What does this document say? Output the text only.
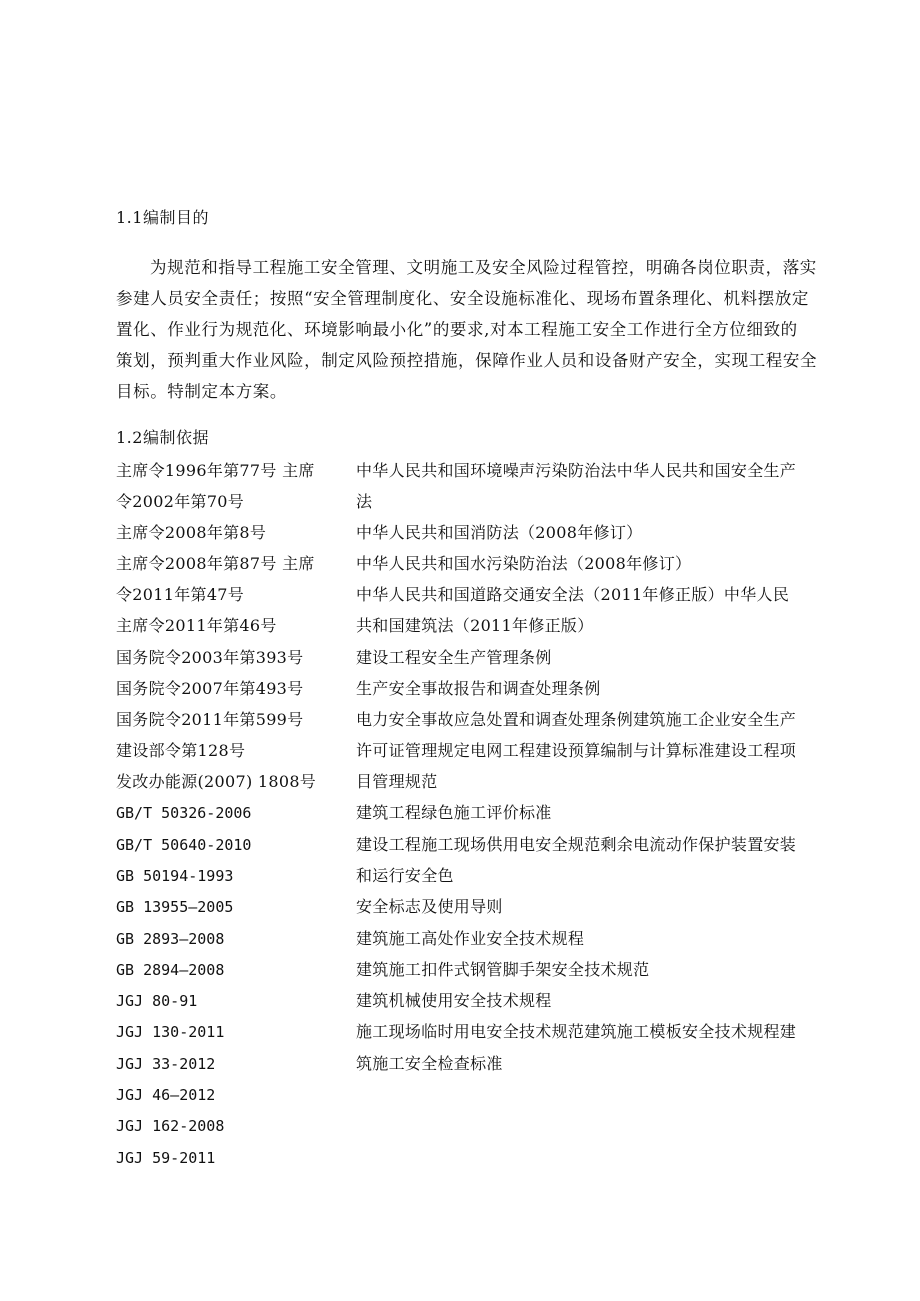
1.1编制目的
为规范和指导工程施工安全管理、文明施工及安全风险过程管控，明确各岗位职责，落实
参建人员安全责任；按照“安全管理制度化、安全设施标准化、现场布置条理化、机料摆放定
置化、作业行为规范化、环境影响最小化”的要求,对本工程施工安全工作进行全方位细致的
策划，预判重大作业风险，制定风险预控措施，保障作业人员和设备财产安全，实现工程安全
目标。特制定本方案。
1.2编制依据
主席令1996年第77号 主席
令2002年第70号
主席令2008年第8号
主席令2008年第87号 主席
令2011年第47号
主席令2011年第46号
国务院令2003年第393号
国务院令2007年第493号
国务院令2011年第599号
建设部令第128号
发改办能源(2007) 1808号
GB/T 50326-2006
GB/T 50640-2010
GB 50194-1993
GB 13955—2005
GB 2893—2008
GB 2894—2008
JGJ 80-91
JGJ 130-2011
JGJ 33-2012
JGJ 46—2012
JGJ 162-2008
JGJ 59-2011
中华人民共和国环境噪声污染防治法中华人民共和国安全生产
法
中华人民共和国消防法（2008年修订）
中华人民共和国水污染防治法（2008年修订）
中华人民共和国道路交通安全法（2011年修正版）中华人民
共和国建筑法（2011年修正版）
建设工程安全生产管理条例
生产安全事故报告和调查处理条例
电力安全事故应急处置和调查处理条例建筑施工企业安全生产
许可证管理规定电网工程建设预算编制与计算标准建设工程项
目管理规范
建筑工程绿色施工评价标准
建设工程施工现场供用电安全规范剩余电流动作保护装置安装
和运行安全色
安全标志及使用导则
建筑施工高处作业安全技术规程
建筑施工扣件式钢管脚手架安全技术规范
建筑机械使用安全技术规程
施工现场临时用电安全技术规范建筑施工模板安全技术规程建
筑施工安全检查标准
